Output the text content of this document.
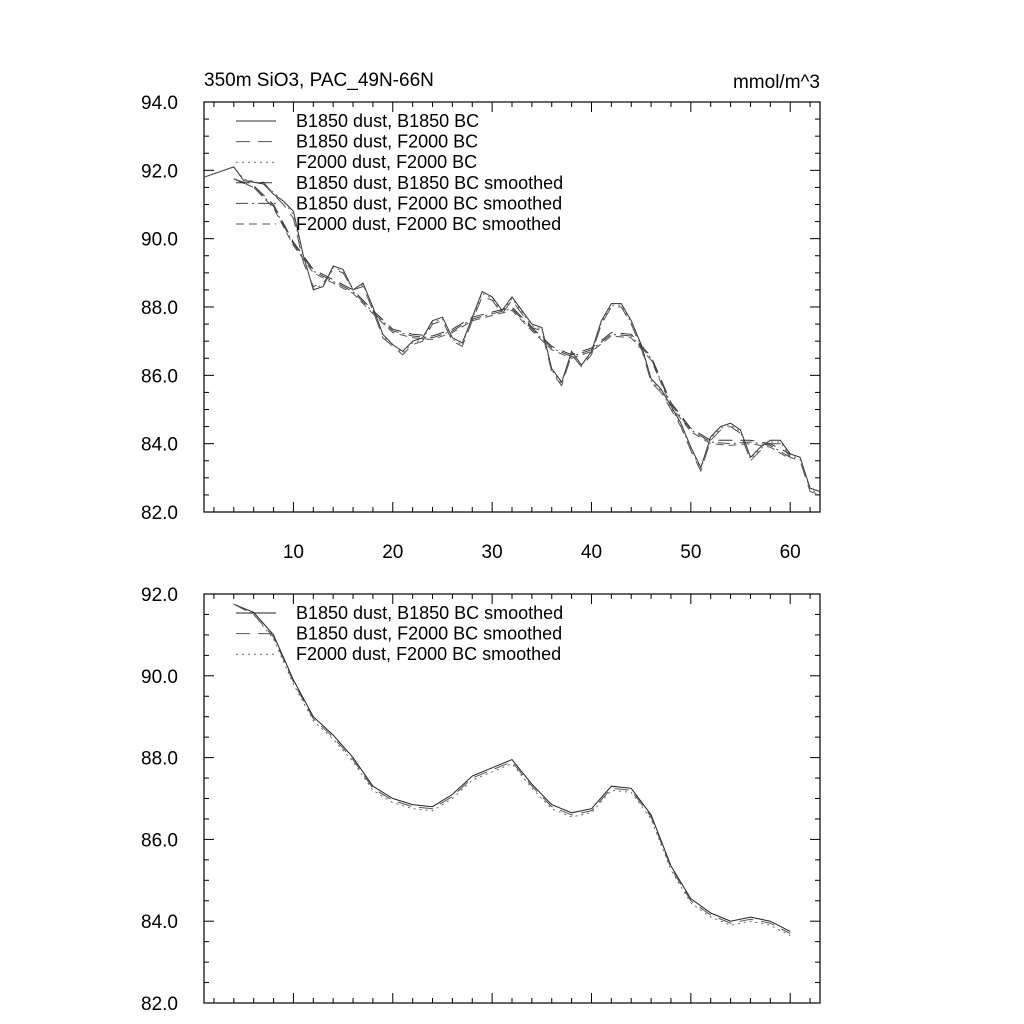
82.0
84.0
86.0
88.0
90.0
92.0
94.0
10	20	30	40	50	60
350m SiO3, PAC_49N-66N	mmol/m^3
B1850 dust, B1850 BC
B1850 dust, F2000 BC
F2000 dust, F2000 BC
B1850 dust, B1850 BC smoothed
B1850 dust, F2000 BC smoothed
F2000 dust, F2000 BC smoothed
82.0
84.0
86.0
88.0
90.0
92.0
B1850 dust, B1850 BC smoothed
B1850 dust, F2000 BC smoothed
F2000 dust, F2000 BC smoothed
